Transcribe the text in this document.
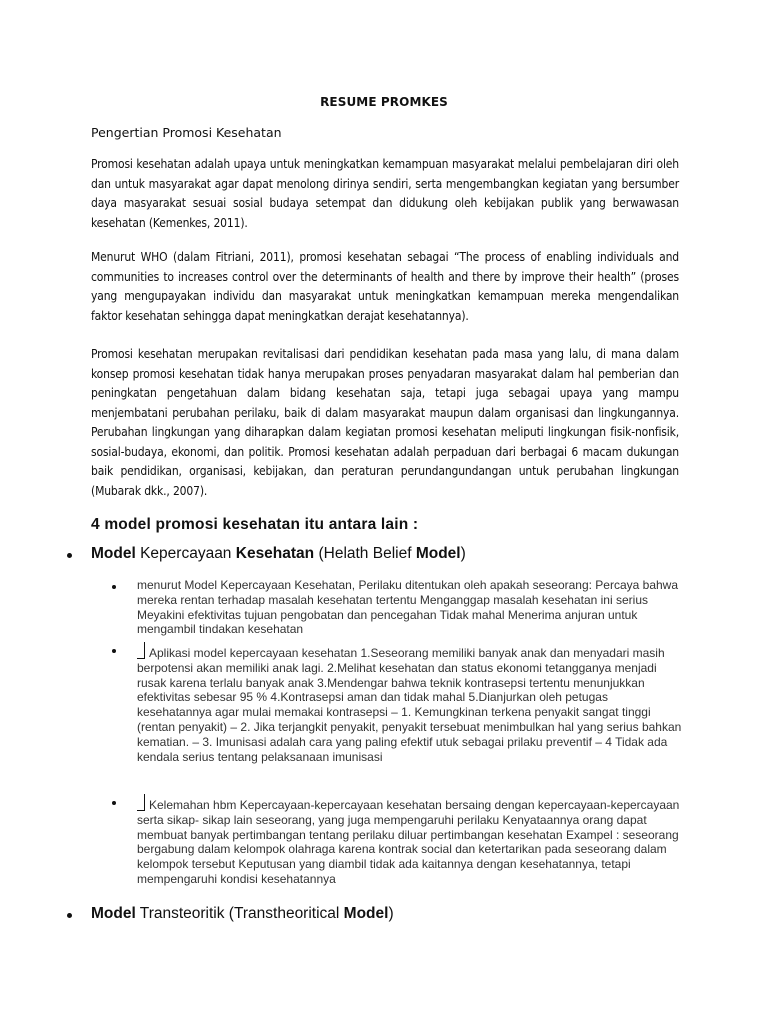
RESUME PROMKES
Pengertian Promosi Kesehatan

Promosi kesehatan adalah upaya untuk meningkatkan kemampuan masyarakat melalui pembelajaran diri oleh dan untuk masyarakat agar dapat menolong dirinya sendiri, serta mengembangkan kegiatan yang bersumber daya masyarakat sesuai sosial budaya setempat dan didukung oleh kebijakan publik yang berwawasan kesehatan (Kemenkes, 2011).

Menurut WHO (dalam Fitriani, 2011), promosi kesehatan sebagai “The process of enabling individuals and communities to increases control over the determinants of health and there by improve their health” (proses yang mengupayakan individu dan masyarakat untuk meningkatkan kemampuan mereka mengendalikan faktor kesehatan sehingga dapat meningkatkan derajat kesehatannya).

Promosi kesehatan merupakan revitalisasi dari pendidikan kesehatan pada masa yang lalu, di mana dalam konsep promosi kesehatan tidak hanya merupakan proses penyadaran masyarakat dalam hal pemberian dan peningkatan pengetahuan dalam bidang kesehatan saja, tetapi juga sebagai upaya yang mampu menjembatani perubahan perilaku, baik di dalam masyarakat maupun dalam organisasi dan lingkungannya. Perubahan lingkungan yang diharapkan dalam kegiatan promosi kesehatan meliputi lingkungan fisik-nonfisik, sosial-budaya, ekonomi, dan politik. Promosi kesehatan adalah perpaduan dari berbagai 6 macam dukungan baik pendidikan, organisasi, kebijakan, dan peraturan perundangundangan untuk perubahan lingkungan (Mubarak dkk., 2007).

4 model promosi kesehatan itu antara lain :
Model Kepercayaan Kesehatan (Helath Belief Model)
menurut Model Kepercayaan Kesehatan, Perilaku ditentukan oleh apakah seseorang: Percaya bahwa mereka rentan terhadap masalah kesehatan tertentu Menganggap masalah kesehatan ini serius Meyakini efektivitas tujuan pengobatan dan pencegahan Tidak mahal Menerima anjuran untuk mengambil tindakan kesehatan
Aplikasi model kepercayaan kesehatan 1.Seseorang memiliki banyak anak dan menyadari masih berpotensi akan memiliki anak lagi. 2.Melihat kesehatan dan status ekonomi tetangganya menjadi rusak karena terlalu banyak anak 3.Mendengar bahwa teknik kontrasepsi tertentu menunjukkan efektivitas sebesar 95 % 4.Kontrasepsi aman dan tidak mahal 5.Dianjurkan oleh petugas kesehatannya agar mulai memakai kontrasepsi – 1. Kemungkinan terkena penyakit sangat tinggi (rentan penyakit) – 2. Jika terjangkit penyakit, penyakit tersebuat menimbulkan hal yang serius bahkan kematian. – 3. Imunisasi adalah cara yang paling efektif utuk sebagai prilaku preventif – 4 Tidak ada kendala serius tentang pelaksanaan imunisasi
Kelemahan hbm Kepercayaan-kepercayaan kesehatan bersaing dengan kepercayaan-kepercayaan serta sikap- sikap lain seseorang, yang juga mempengaruhi perilaku Kenyataannya orang dapat membuat banyak pertimbangan tentang perilaku diluar pertimbangan kesehatan Exampel : seseorang bergabung dalam kelompok olahraga karena kontrak social dan ketertarikan pada seseorang dalam kelompok tersebut Keputusan yang diambil tidak ada kaitannya dengan kesehatannya, tetapi mempengaruhi kondisi kesehatannya
Model Transteoritik (Transtheoritical Model)
